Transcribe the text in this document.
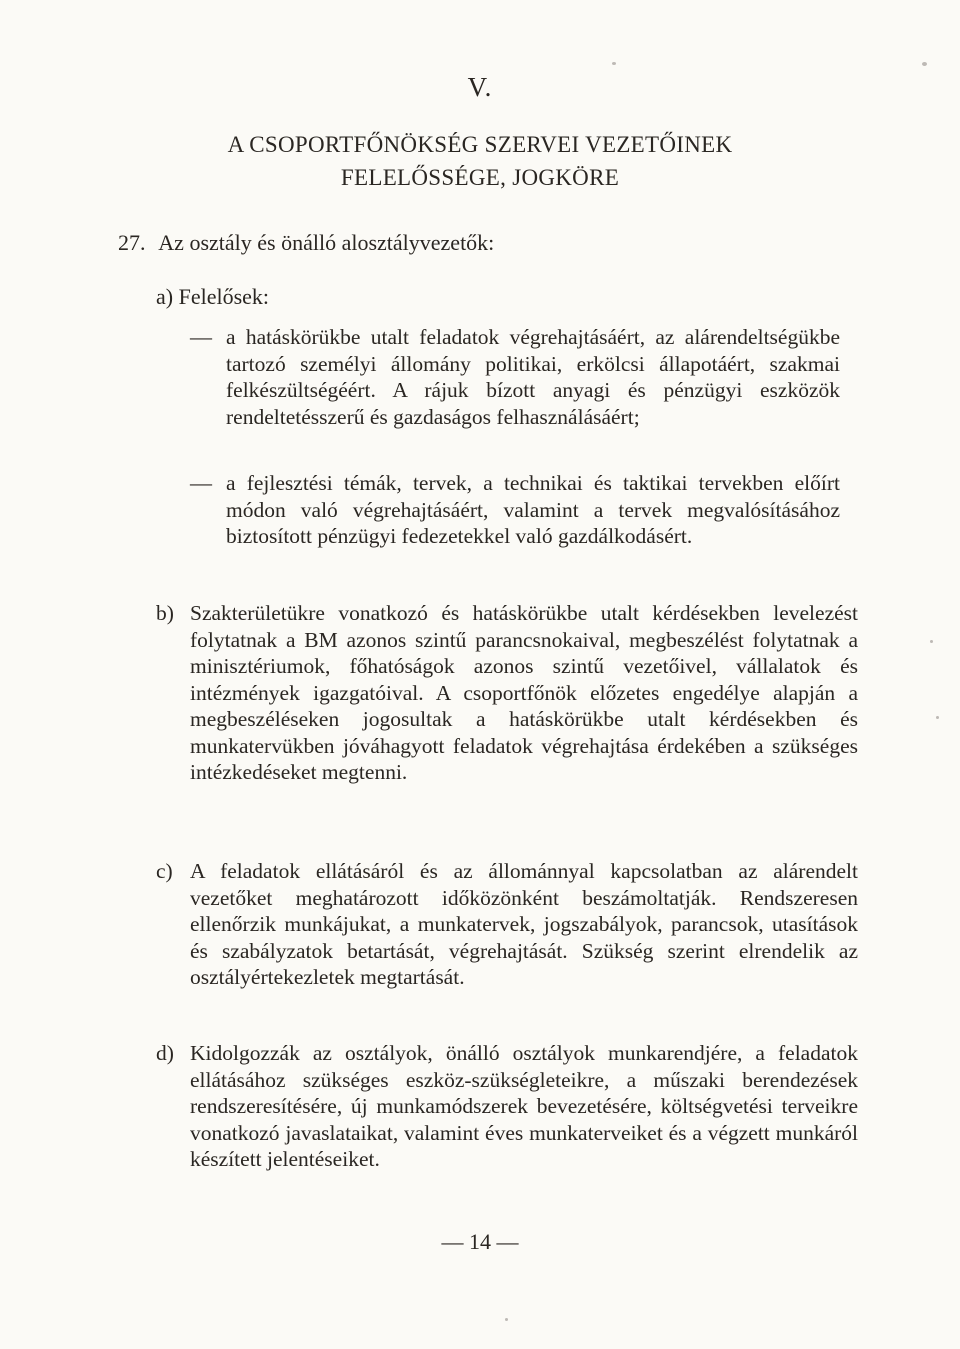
V.
A CSOPORTFŐNÖKSÉG SZERVEI VEZETŐINEK
FELELŐSSÉGE, JOGKÖRE
27. Az osztály és önálló alosztályvezetők:
a) Felelősek:
— a hatáskörükbe utalt feladatok végrehajtásáért, az alárendeltségükbe tartozó személyi állomány politikai, erkölcsi állapotáért, szakmai felkészültségéért. A rájuk bízott anyagi és pénzügyi eszközök rendeltetésszerű és gazdaságos felhasználásáért;
— a fejlesztési témák, tervek, a technikai és taktikai tervekben előírt módon való végrehajtásáért, valamint a tervek megvalósításához biztosított pénzügyi fedezetekkel való gazdálkodásért.
b) Szakterületükre vonatkozó és hatáskörükbe utalt kérdésekben levelezést folytatnak a BM azonos szintű parancsnokaival, megbeszélést folytatnak a minisztériumok, főhatóságok azonos szintű vezetőivel, vállalatok és intézmények igazgatóival. A csoportfőnök előzetes engedélye alapján a megbeszéléseken jogosultak a hatáskörükbe utalt kérdésekben és munkatervükben jóváhagyott feladatok végrehajtása érdekében a szükséges intézkedéseket megtenni.
c) A feladatok ellátásáról és az állománnyal kapcsolatban az alárendelt vezetőket meghatározott időközönként beszámoltatják. Rendszeresen ellenőrzik munkájukat, a munkatervek, jogszabályok, parancsok, utasítások és szabályzatok betartását, végrehajtását. Szükség szerint elrendelik az osztályértekezletek megtartását.
d) Kidolgozzák az osztályok, önálló osztályok munkarendjére, a feladatok ellátásához szükséges eszköz-szükségleteikre, a műszaki berendezések rendszeresítésére, új munkamódszerek bevezetésére, költségvetési terveikre vonatkozó javaslataikat, valamint éves munkaterveiket és a végzett munkáról készített jelentéseiket.
— 14 —
